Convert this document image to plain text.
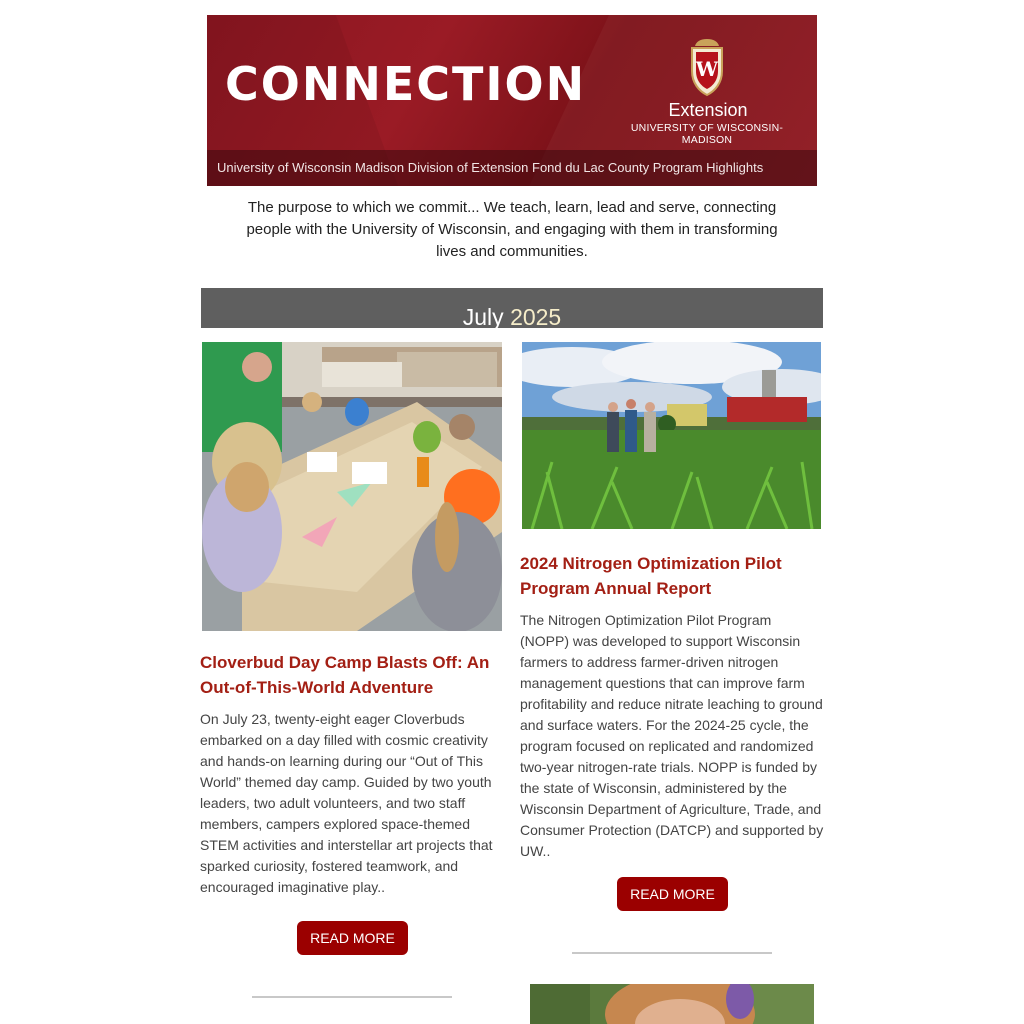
CONNECTION	W
Extension
UNIVERSITY OF WISCONSIN-MADISON
University of Wisconsin Madison Division of Extension Fond du Lac County Program Highlights
The purpose to which we commit... We teach, learn, lead and serve, connecting people with the University of Wisconsin, and engaging with them in transforming lives and communities.
July 2025
Cloverbud Day Camp Blasts Off: An Out-of-This-World Adventure
On July 23, twenty-eight eager Cloverbuds embarked on a day filled with cosmic creativity and hands-on learning during our “Out of This World” themed day camp. Guided by two youth leaders, two adult volunteers, and two staff members, campers explored space-themed STEM activities and interstellar art projects that sparked curiosity, fostered teamwork, and encouraged imaginative play..
READ MORE
2024 Nitrogen Optimization Pilot Program Annual Report
The Nitrogen Optimization Pilot Program (NOPP) was developed to support Wisconsin farmers to address farmer-driven nitrogen management questions that can improve farm profitability and reduce nitrate leaching to ground and surface waters. For the 2024-25 cycle, the program focused on replicated and randomized two-year nitrogen-rate trials. NOPP is funded by the state of Wisconsin, administered by the Wisconsin Department of Agriculture, Trade, and Consumer Protection (DATCP) and supported by UW..
READ MORE
